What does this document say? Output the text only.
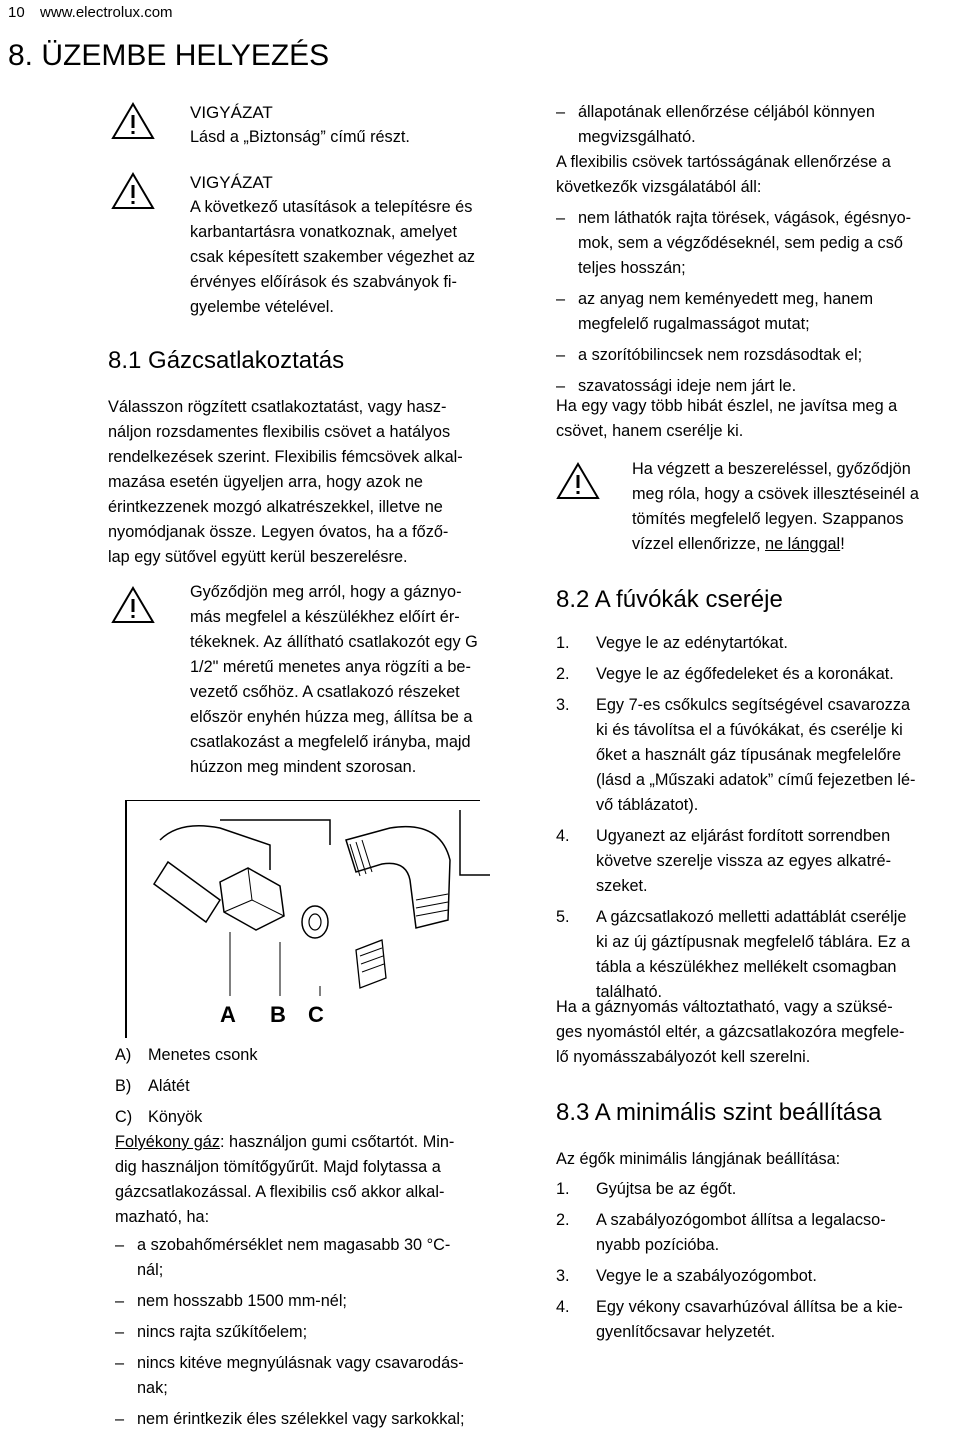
10 www.electrolux.com
8. ÜZEMBE HELYEZÉS
VIGYÁZAT
Lásd a „Biztonság” című részt.
VIGYÁZAT
A következő utasítások a telepítésre és
karbantartásra vonatkoznak, amelyet
csak képesített szakember végezhet az
érvényes előírások és szabványok fi-
gyelembe vételével.
8.1 Gázcsatlakoztatás
Válasszon rögzített csatlakoztatást, vagy hasz-
náljon rozsdamentes flexibilis csövet a hatályos
rendelkezések szerint. Flexibilis fémcsövek alkal-
mazása esetén ügyeljen arra, hogy azok ne
érintkezzenek mozgó alkatrészekkel, illetve ne
nyomódjanak össze. Legyen óvatos, ha a főző-
lap egy sütővel együtt kerül beszerelésre.
Győződjön meg arról, hogy a gáznyo-
más megfelel a készülékhez előírt ér-
tékeknek. Az állítható csatlakozót egy G
1/2" méretű menetes anya rögzíti a be-
vezető csőhöz. A csatlakozó részeket
először enyhén húzza meg, állítsa be a
csatlakozást a megfelelő irányba, majd
húzzon meg mindent szorosan.
A B C
A) Menetes csonk
B) Alátét
C) Könyök
Folyékony gáz: használjon gumi csőtartót. Min-
dig használjon tömítőgyűrűt. Majd folytassa a
gázcsatlakozással. A flexibilis cső akkor alkal-
mazható, ha:
– a szobahőmérséklet nem magasabb 30 °C-
nál;
– nem hosszabb 1500 mm-nél;
– nincs rajta szűkítőelem;
– nincs kitéve megnyúlásnak vagy csavarodás-
nak;
– nem érintkezik éles szélekkel vagy sarkokkal;
– állapotának ellenőrzése céljából könnyen
megvizsgálható.
A flexibilis csövek tartósságának ellenőrzése a
következők vizsgálatából áll:
– nem láthatók rajta törések, vágások, égésnyo-
mok, sem a végződéseknél, sem pedig a cső
teljes hosszán;
– az anyag nem keményedett meg, hanem
megfelelő rugalmasságot mutat;
– a szorítóbilincsek nem rozsdásodtak el;
– szavatossági ideje nem járt le.
Ha egy vagy több hibát észlel, ne javítsa meg a
csövet, hanem cserélje ki.
Ha végzett a beszereléssel, győződjön
meg róla, hogy a csövek illesztéseinél a
tömítés megfelelő legyen. Szappanos
vízzel ellenőrizze, ne lánggal!
8.2 A fúvókák cseréje
1. Vegye le az edénytartókat.
2. Vegye le az égőfedeleket és a koronákat.
3. Egy 7-es csőkulcs segítségével csavarozza
ki és távolítsa el a fúvókákat, és cserélje ki
őket a használt gáz típusának megfelelőre
(lásd a „Műszaki adatok” című fejezetben lé-
vő táblázatot).
4. Ugyanezt az eljárást fordított sorrendben
követve szerelje vissza az egyes alkatré-
szeket.
5. A gázcsatlakozó melletti adattáblát cserélje
ki az új gáztípusnak megfelelő táblára. Ez a
tábla a készülékhez mellékelt csomagban
található.
Ha a gáznyomás változtatható, vagy a szüksé-
ges nyomástól eltér, a gázcsatlakozóra megfele-
lő nyomásszabályozót kell szerelni.
8.3 A minimális szint beállítása
Az égők minimális lángjának beállítása:
1. Gyújtsa be az égőt.
2. A szabályozógombot állítsa a legalacso-
nyabb pozícióba.
3. Vegye le a szabályozógombot.
4. Egy vékony csavarhúzóval állítsa be a kie-
gyenlítőcsavar helyzetét.
